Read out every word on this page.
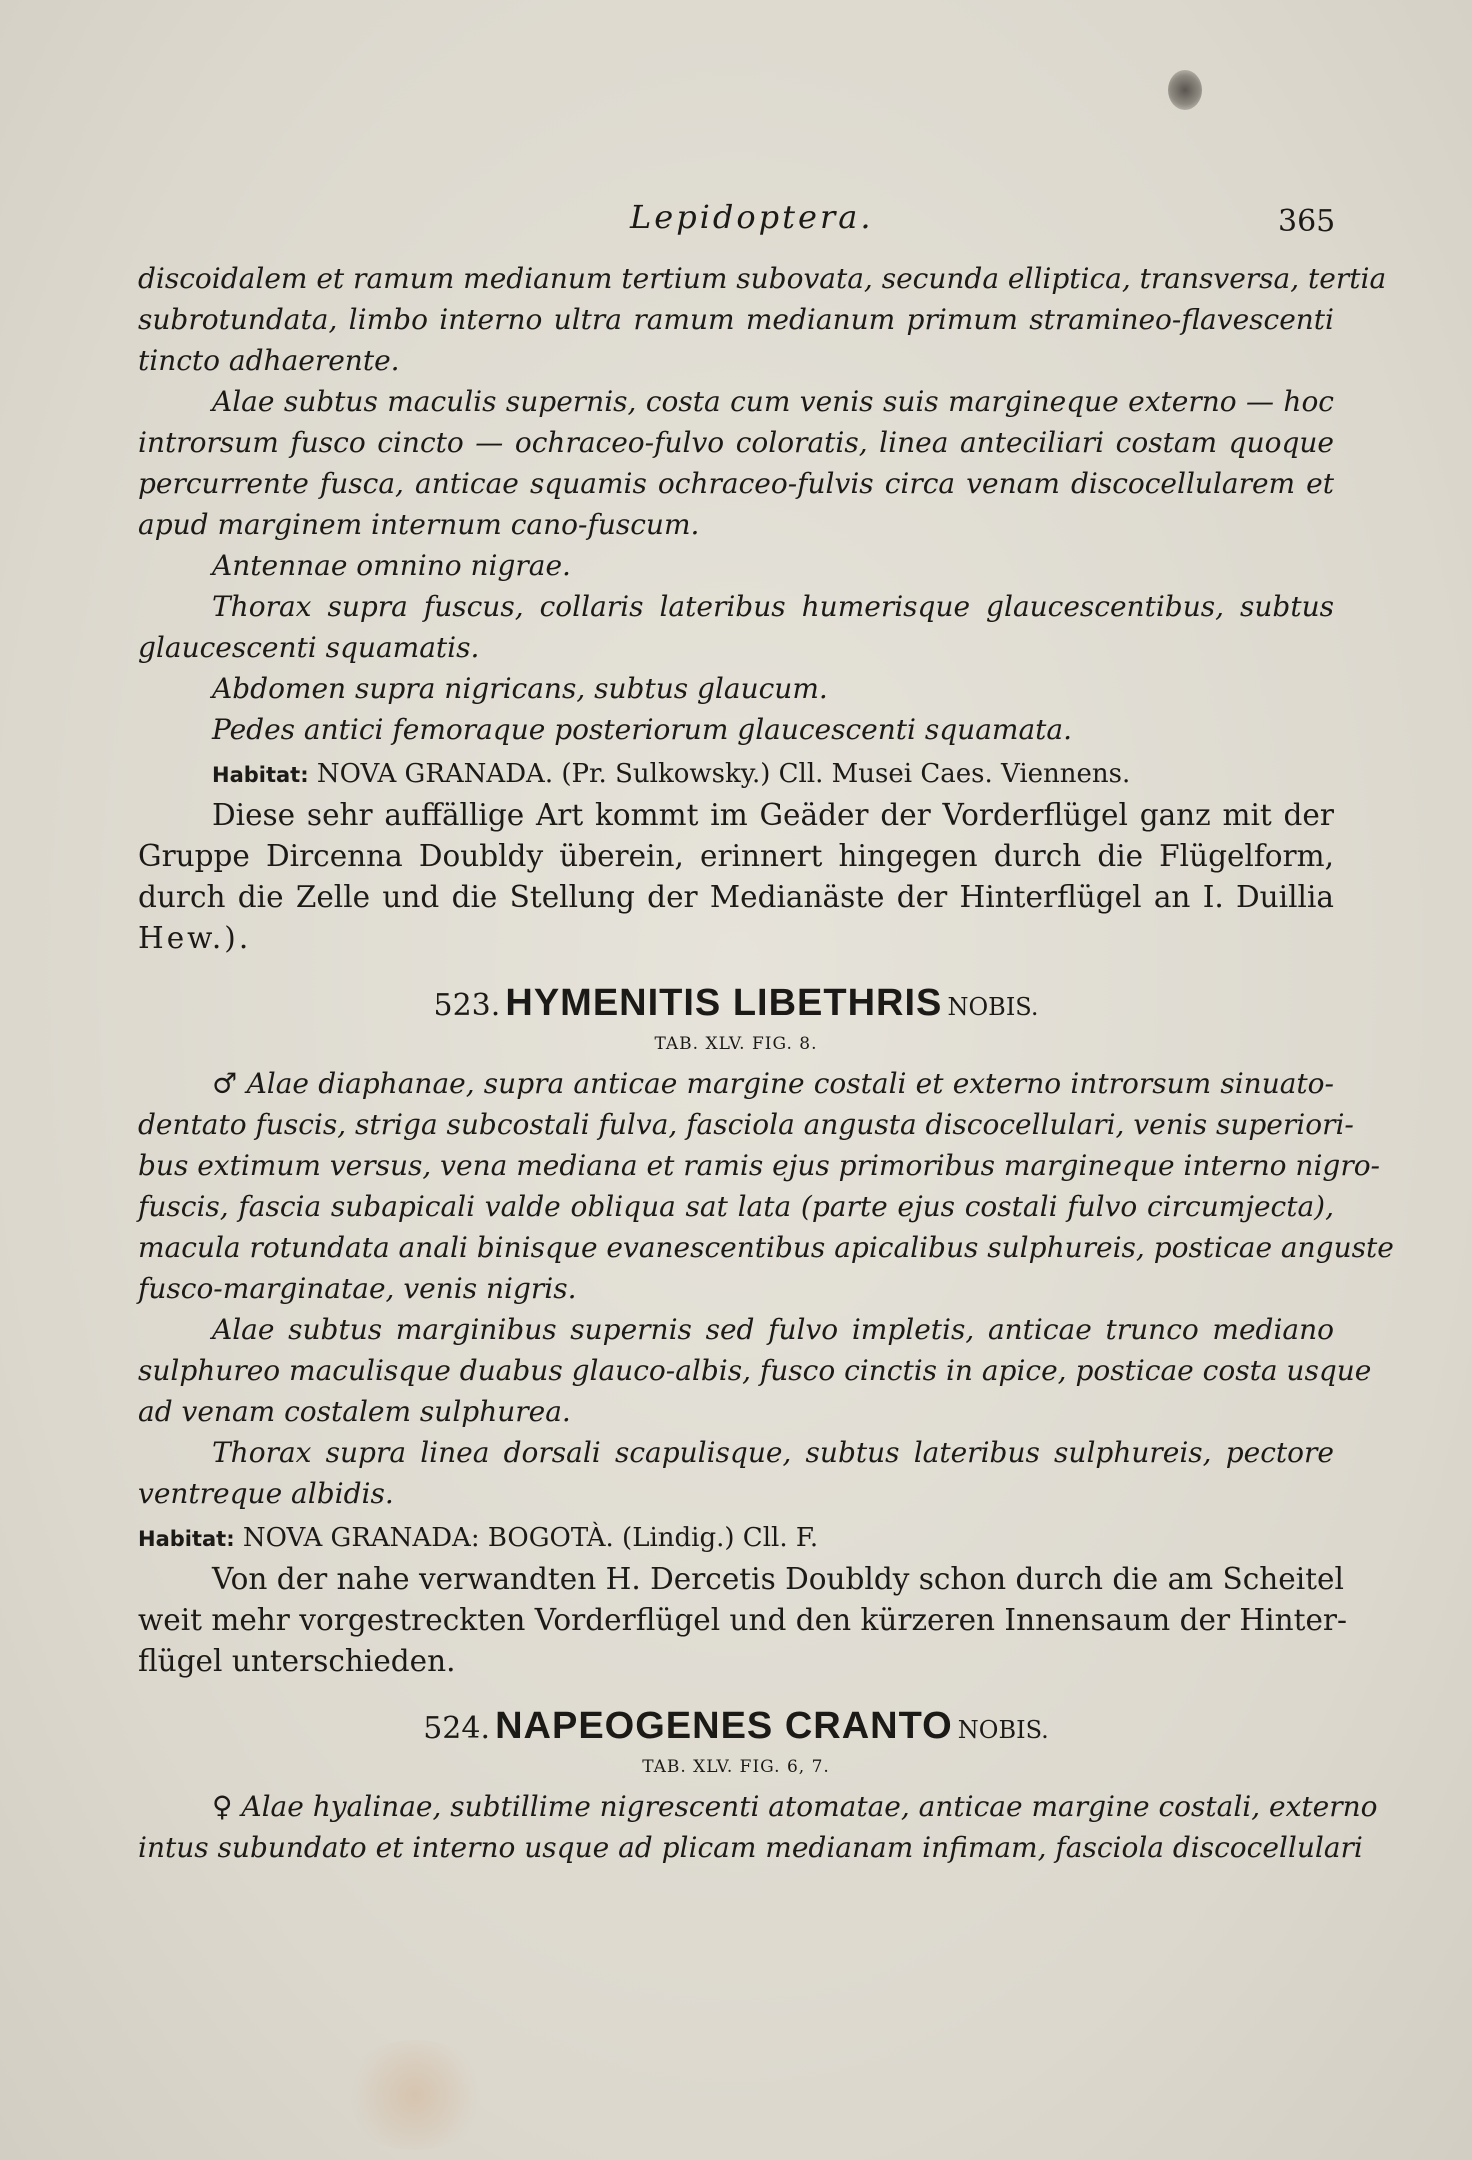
Lepidoptera.	365

discoidalem et ramum medianum tertium subovata, secunda elliptica, transversa, tertia

subrotundata, limbo interno ultra ramum medianum primum stramineo-flavescenti

tincto adhaerente.

Alae subtus maculis supernis, costa cum venis suis margineque externo — hoc

introrsum fusco cincto — ochraceo-fulvo coloratis, linea anteciliari costam quoque

percurrente fusca, anticae squamis ochraceo-fulvis circa venam discocellularem et

apud marginem internum cano-fuscum.

Antennae omnino nigrae.

Thorax supra fuscus, collaris lateribus humerisque glaucescentibus, subtus

glaucescenti squamatis.

Abdomen supra nigricans, subtus glaucum.

Pedes antici femoraque posteriorum glaucescenti squamata.

Habitat: NOVA GRANADA. (Pr. Sulkowsky.) Cll. Musei Caes. Viennens.

Diese sehr auffällige Art kommt im Geäder der Vorderflügel ganz mit der

Gruppe Dircenna Doubldy überein, erinnert hingegen durch die Flügelform,

durch die Zelle und die Stellung der Medianäste der Hinterflügel an I. Duillia

Hew.).

523. HYMENITIS LIBETHRIS NOBIS.
TAB. XLV. FIG. 8.

♂ Alae diaphanae, supra anticae margine costali et externo introrsum sinuato-

dentato fuscis, striga subcostali fulva, fasciola angusta discocellulari, venis superiori-

bus extimum versus, vena mediana et ramis ejus primoribus margineque interno nigro-

fuscis, fascia subapicali valde obliqua sat lata (parte ejus costali fulvo circumjecta),

macula rotundata anali binisque evanescentibus apicalibus sulphureis, posticae anguste

fusco-marginatae, venis nigris.

Alae subtus marginibus supernis sed fulvo impletis, anticae trunco mediano

sulphureo maculisque duabus glauco-albis, fusco cinctis in apice, posticae costa usque

ad venam costalem sulphurea.

Thorax supra linea dorsali scapulisque, subtus lateribus sulphureis, pectore

ventreque albidis.

Habitat: NOVA GRANADA: BOGOTÀ. (Lindig.) Cll. F.

Von der nahe verwandten H. Dercetis Doubldy schon durch die am Scheitel

weit mehr vorgestreckten Vorderflügel und den kürzeren Innensaum der Hinter-

flügel unterschieden.

524. NAPEOGENES CRANTO NOBIS.
TAB. XLV. FIG. 6, 7.

♀ Alae hyalinae, subtillime nigrescenti atomatae, anticae margine costali, externo

intus subundato et interno usque ad plicam medianam infimam, fasciola discocellulari
